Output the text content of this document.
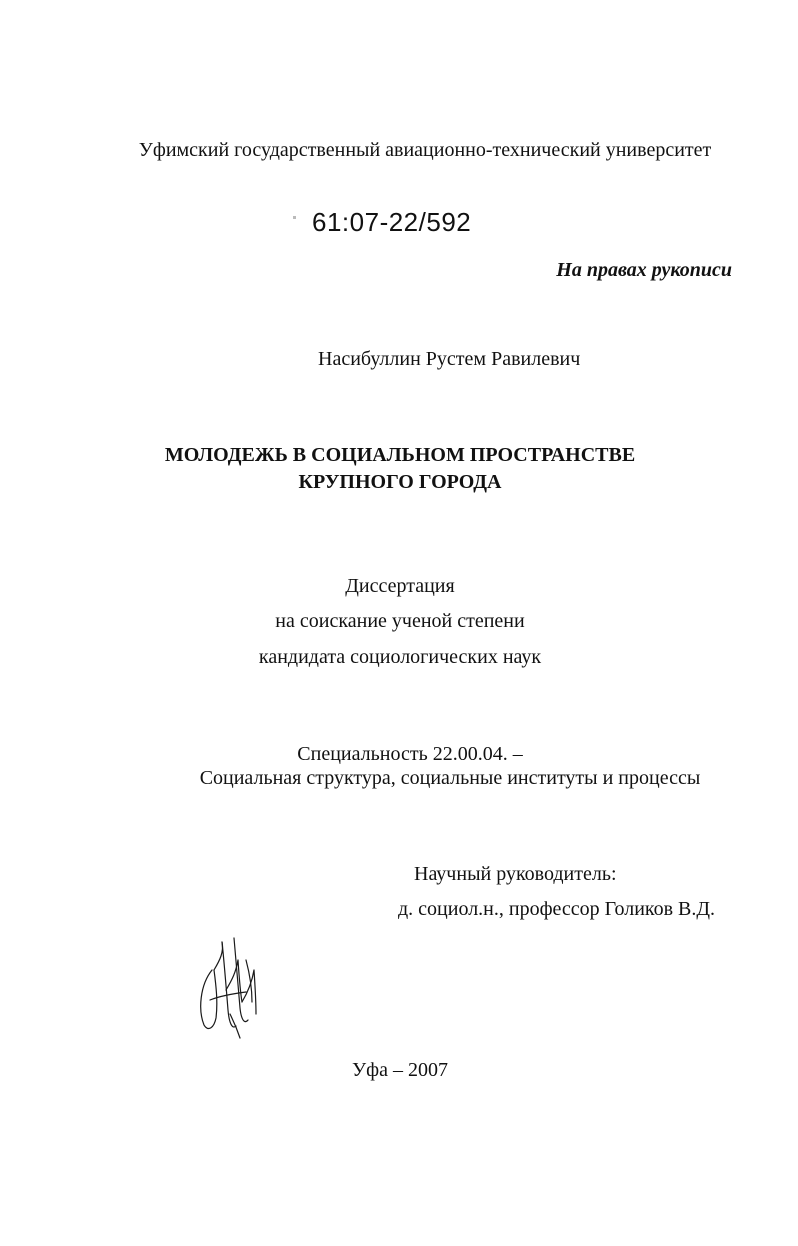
Уфимский государственный авиационно-технический университет
61:07-22/592
На правах рукописи
Насибуллин Рустем Равилевич
МОЛОДЕЖЬ В СОЦИАЛЬНОМ ПРОСТРАНСТВЕ
КРУПНОГО ГОРОДА
Диссертация
на соискание ученой степени
кандидата социологических наук
Специальность 22.00.04. –
Социальная структура, социальные институты и процессы
Научный руководитель:
д. социол.н., профессор Голиков В.Д.
Уфа – 2007
